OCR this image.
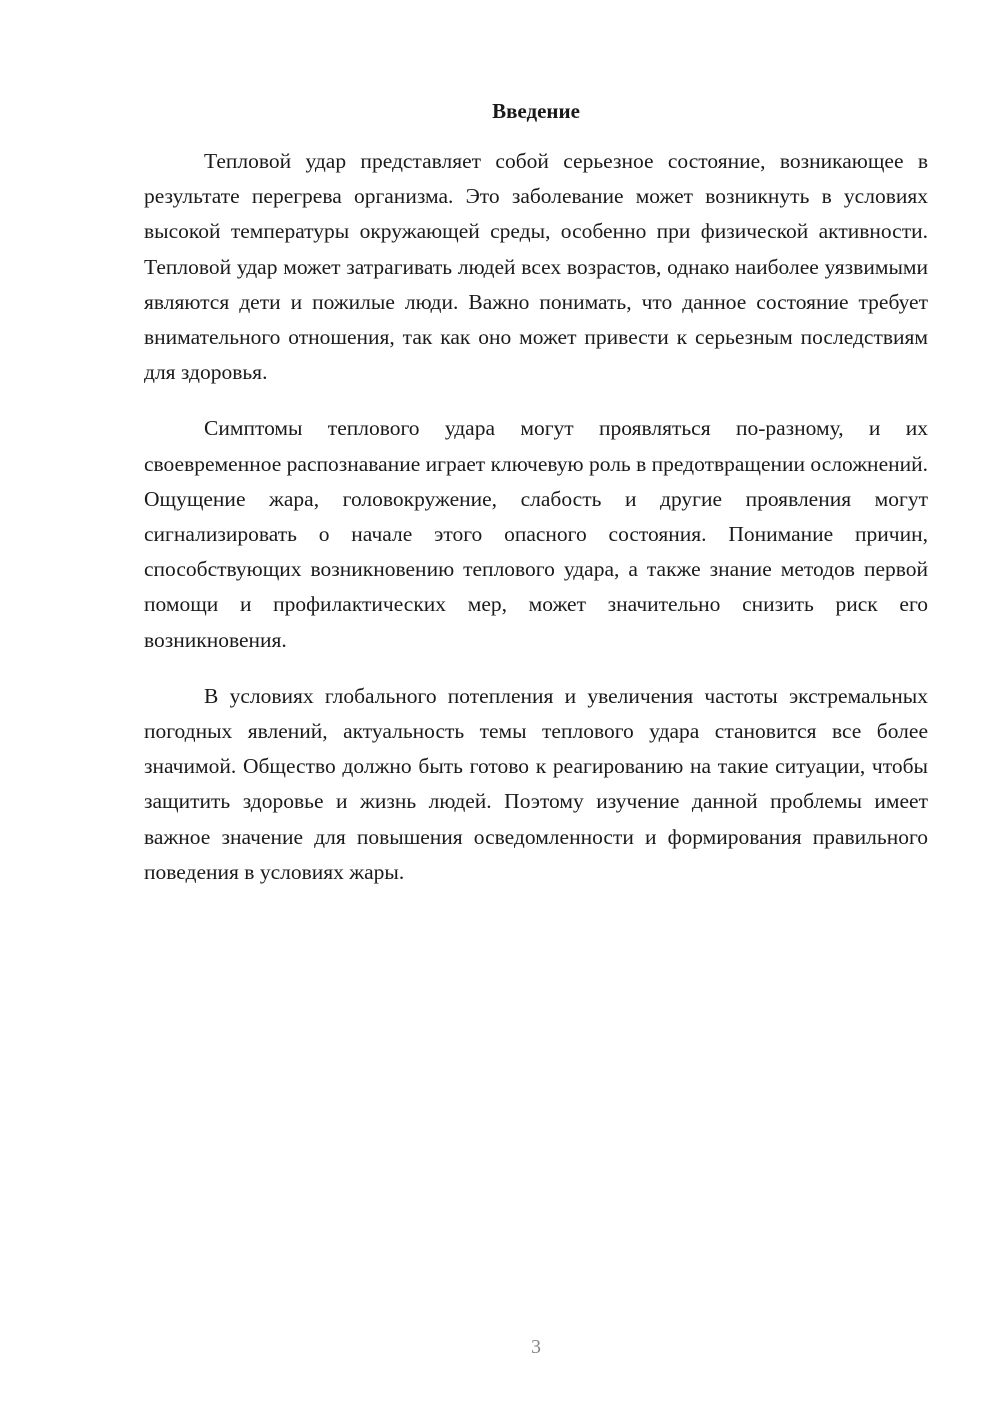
Введение

Тепловой удар представляет собой серьезное состояние, возникающее в результате перегрева организма. Это заболевание может возникнуть в условиях высокой температуры окружающей среды, особенно при физической активности. Тепловой удар может затрагивать людей всех возрастов, однако наиболее уязвимыми являются дети и пожилые люди. Важно понимать, что данное состояние требует внимательного отношения, так как оно может привести к серьезным последствиям для здоровья.

Симптомы теплового удара могут проявляться по-разному, и их своевременное распознавание играет ключевую роль в предотвращении осложнений. Ощущение жара, головокружение, слабость и другие проявления могут сигнализировать о начале этого опасного состояния. Понимание причин, способствующих возникновению теплового удара, а также знание методов первой помощи и профилактических мер, может значительно снизить риск его возникновения.

В условиях глобального потепления и увеличения частоты экстремальных погодных явлений, актуальность темы теплового удара становится все более значимой. Общество должно быть готово к реагированию на такие ситуации, чтобы защитить здоровье и жизнь людей. Поэтому изучение данной проблемы имеет важное значение для повышения осведомленности и формирования правильного поведения в условиях жары.

3
